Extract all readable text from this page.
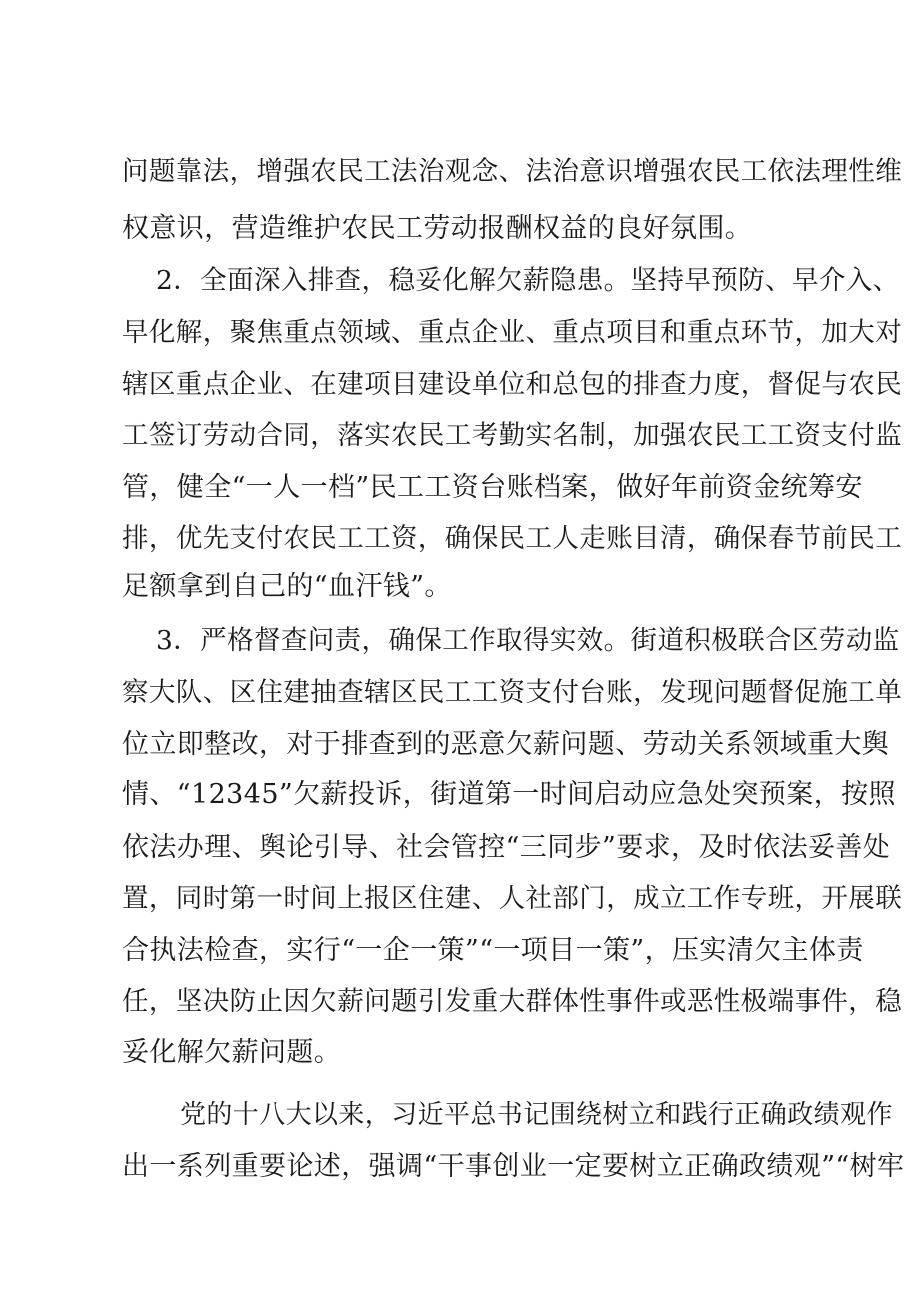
问题靠法，增强农民工法治观念、法治意识增强农民工依法理性维
权意识，营造维护农民工劳动报酬权益的良好氛围。
2．全面深入排查，稳妥化解欠薪隐患。坚持早预防、早介入、
早化解，聚焦重点领域、重点企业、重点项目和重点环节，加大对
辖区重点企业、在建项目建设单位和总包的排查力度，督促与农民
工签订劳动合同，落实农民工考勤实名制，加强农民工工资支付监
管，健全“一人一档”民工工资台账档案，做好年前资金统筹安
排，优先支付农民工工资，确保民工人走账目清，确保春节前民工
足额拿到自己的“血汗钱”。
3．严格督查问责，确保工作取得实效。街道积极联合区劳动监
察大队、区住建抽查辖区民工工资支付台账，发现问题督促施工单
位立即整改，对于排查到的恶意欠薪问题、劳动关系领域重大舆
情、“12345”欠薪投诉，街道第一时间启动应急处突预案，按照
依法办理、舆论引导、社会管控“三同步”要求，及时依法妥善处
置，同时第一时间上报区住建、人社部门，成立工作专班，开展联
合执法检查，实行“一企一策”“一项目一策”，压实清欠主体责
任，坚决防止因欠薪问题引发重大群体性事件或恶性极端事件，稳
妥化解欠薪问题。
党的十八大以来，习近平总书记围绕树立和践行正确政绩观作
出一系列重要论述，强调“干事创业一定要树立正确政绩观”“树牢
